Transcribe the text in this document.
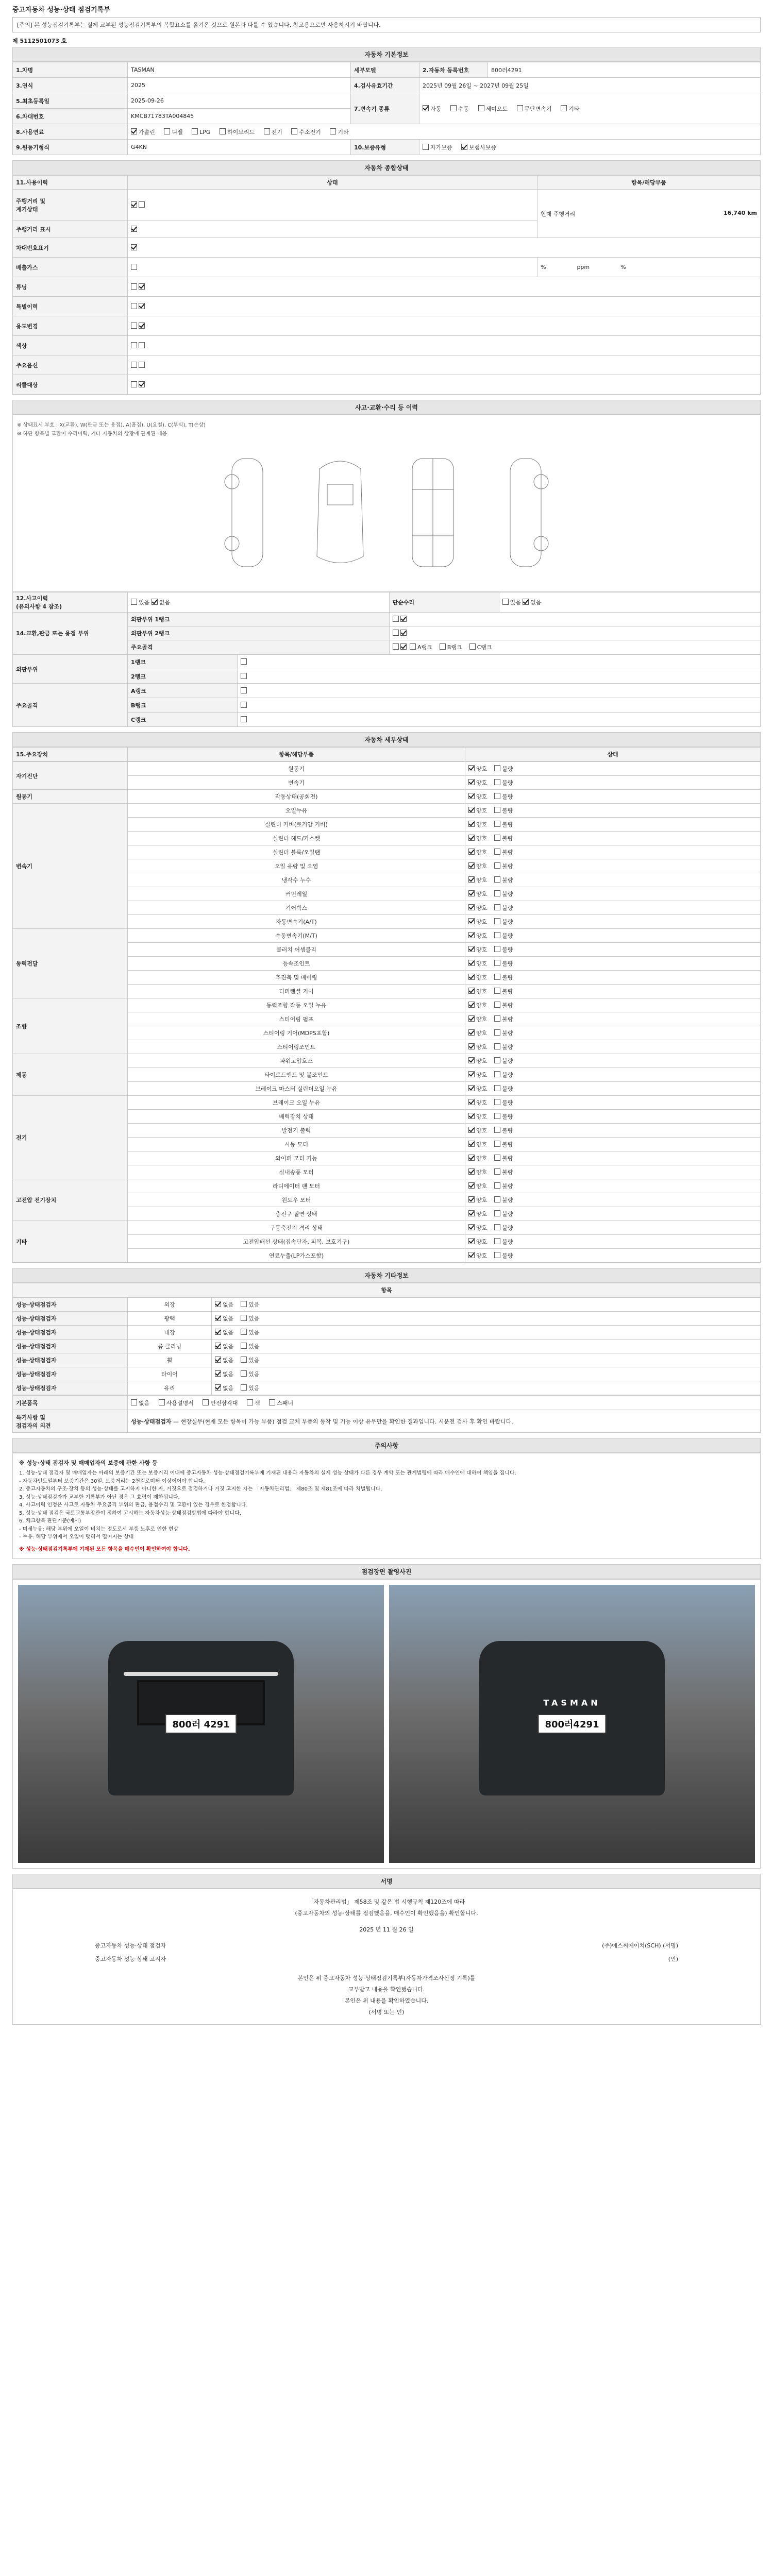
중고자동차 성능·상태 점검기록부
[주의] 본 성능점검기록부는 실제 교부된 성능점검기록부의 복합요소를 옮겨온 것으로 원본과 다를 수 있습니다. 참고용으로만 사용하시기 바랍니다.
제 5112501073 호
자동차 기본정보
1.차명	TASMAN	세부모델	2.자동차 등록번호	800러4291
3.연식	2025	4.검사유효기간	2025년 09월 26일 ~ 2027년 09월 25일	
5.최초등록일	2025-09-26	7.변속기 종류	자동 수동 세미오토 무단변속기 기타	
6.차대번호	KMCB71783TA004845			
8.사용연료	가솔린 디젤 LPG 하이브리드 전기 수소전기 기타			
9.원동기형식	G4KN	10.보증유형	자가보증 보험사보증	
자동차 종합상태
11.사용이력	상태	항목/해당부품
주행거리 및
계기상태		현재 주행거리 16,740 km

주행거리 표시		
차대번호표기		
배출가스		% ppm %
튜닝		
특별이력		
용도변경		
색상		
주요옵션		
리콜대상		
사고·교환·수리 등 이력
※ 상태표시 부호 : X(교환), W(판금 또는 용접), A(흠집), U(요철), C(부식), T(손상)
※ 하단 항목별 교환이 수리이력, 기타 자동차의 상황에 관계된 내용
12.사고이력
(유의사항 4 참조)	있음 없음	단순수리	있음 없음
14.교환,판금 또는 용접 부위	외판부위 1랭크		
	외판부위 2랭크		
	주요골격	A랭크 B랭크 C랭크	
외판부위	1랭크	
	2랭크	
주요골격	A랭크	
	B랭크	
	C랭크	
자동차 세부상태
15.주요장치	항목/해당부품	상태
자기진단	원동기	양호 불량
	변속기	양호 불량
원동기	작동상태(공회전)	양호 불량
변속기	오일누유	양호 불량
	실린더 커버(로커암 커버)	양호 불량
	실린더 헤드/가스켓	양호 불량
	실린더 블록/오일팬	양호 불량
	오일 유량 및 오염	양호 불량
	냉각수 누수	양호 불량
	커먼레일	양호 불량
	기어박스	양호 불량
	자동변속기(A/T)	양호 불량
동력전달	수동변속기(M/T)	양호 불량
	클러치 어셈블리	양호 불량
	등속조인트	양호 불량
	추진축 및 베어링	양호 불량
	디퍼렌셜 기어	양호 불량
조향	동력조향 작동 오일 누유	양호 불량
	스티어링 펌프	양호 불량
	스티어링 기어(MDPS포함)	양호 불량
	스티어링조인트	양호 불량
제동	파워고압호스	양호 불량
	타이로드엔드 및 볼조인트	양호 불량
	브레이크 마스터 실린더오일 누유	양호 불량
전기	브레이크 오일 누유	양호 불량
	배력장치 상태	양호 불량
	발전기 출력	양호 불량
	시동 모터	양호 불량
	와이퍼 모터 기능	양호 불량
	실내송풍 모터	양호 불량
고전압 전기장치	라디에이터 팬 모터	양호 불량
	윈도우 모터	양호 불량
	충전구 절연 상태	양호 불량
기타	구동축전지 격리 상태	양호 불량
	고전압배선 상태(접속단자, 피복, 보호기구)	양호 불량
	연료누출(LP가스포함)	양호 불량
자동차 기타정보
항목
성능·상태점검자	외장	없음 있음
성능·상태점검자	광택	없음 있음
성능·상태점검자	내장	없음 있음
성능·상태점검자	룸 클리닝	없음 있음
성능·상태점검자	휠	없음 있음
성능·상태점검자	타이어	없음 있음
성능·상태점검자	유리	없음 있음
기본품목	없음 사용설명서 안전삼각대 잭 스패너
특기사항 및
점검자의 의견	성능·상태점검자 — 현장실무(현재 모든 항목이 가능 부품) 점검 교체 부품의 동작 및 기능 이상 유무만을 확인한 결과입니다. 시운전 검사 후 확인 바랍니다.
주의사항
※ 성능·상태 점검자 및 매매업자의 보증에 관한 사항 등
1. 성능·상태 점검자 및 매매업자는 아래의 보증기간 또는 보증거리 이내에 중고자동차 성능·상태점검기록부에 기재된 내용과 자동차의 실제 성능·상태가 다른 경우 계약 또는 관계법령에 따라 매수인에 대하여 책임을 집니다.
- 자동차인도일부터 보증기간은 30일, 보증거리는 2천킬로미터 이상이어야 합니다.
2. 중고자동차의 구조·장치 등의 성능·상태를 고지하지 아니한 자, 거짓으로 점검하거나 거짓 고지한 자는 「자동차관리법」 제80조 및 제81조에 따라 처벌됩니다.
3. 성능·상태점검자가 교부한 기록부가 아닌 경우 그 효력이 제한됩니다.
4. 사고이력 인정은 사고로 자동차 주요골격 부위의 판금, 용접수리 및 교환이 있는 경우로 한정합니다.
5. 성능·상태 점검은 국토교통부장관이 정하여 고시하는 자동차성능·상태점검방법에 따라야 합니다.
6. 체크항목 판단기준(예시)
- 미세누유: 해당 부위에 오일이 비치는 정도로서 부품 노후로 인한 현상
- 누유: 해당 부위에서 오일이 맺혀서 떨어지는 상태
※ 성능·상태점검기록부에 기재된 모든 항목을 매수인이 확인하여야 합니다.
점검장면 촬영사진
800러 4291
TASMAN
800러4291
서명

「자동차관리법」 제58조 및 같은 법 시행규칙 제120조에 따라

(중고자동차의 성능·상태를 점검했음을, 매수인이 확인했음을) 확인합니다.

2025 년 11 월 26 일

중고자동차 성능·상태 점검자	(주)에스씨에이치(SCH) (서명)
중고자동차 성능·상태 고지자	(인)

본인은 위 중고자동차 성능·상태점검기록부(자동차가격조사산정 기록)를

교부받고 내용을 확인했습니다.

본인은 위 내용을 확인하였습니다.

(서명 또는 인)
